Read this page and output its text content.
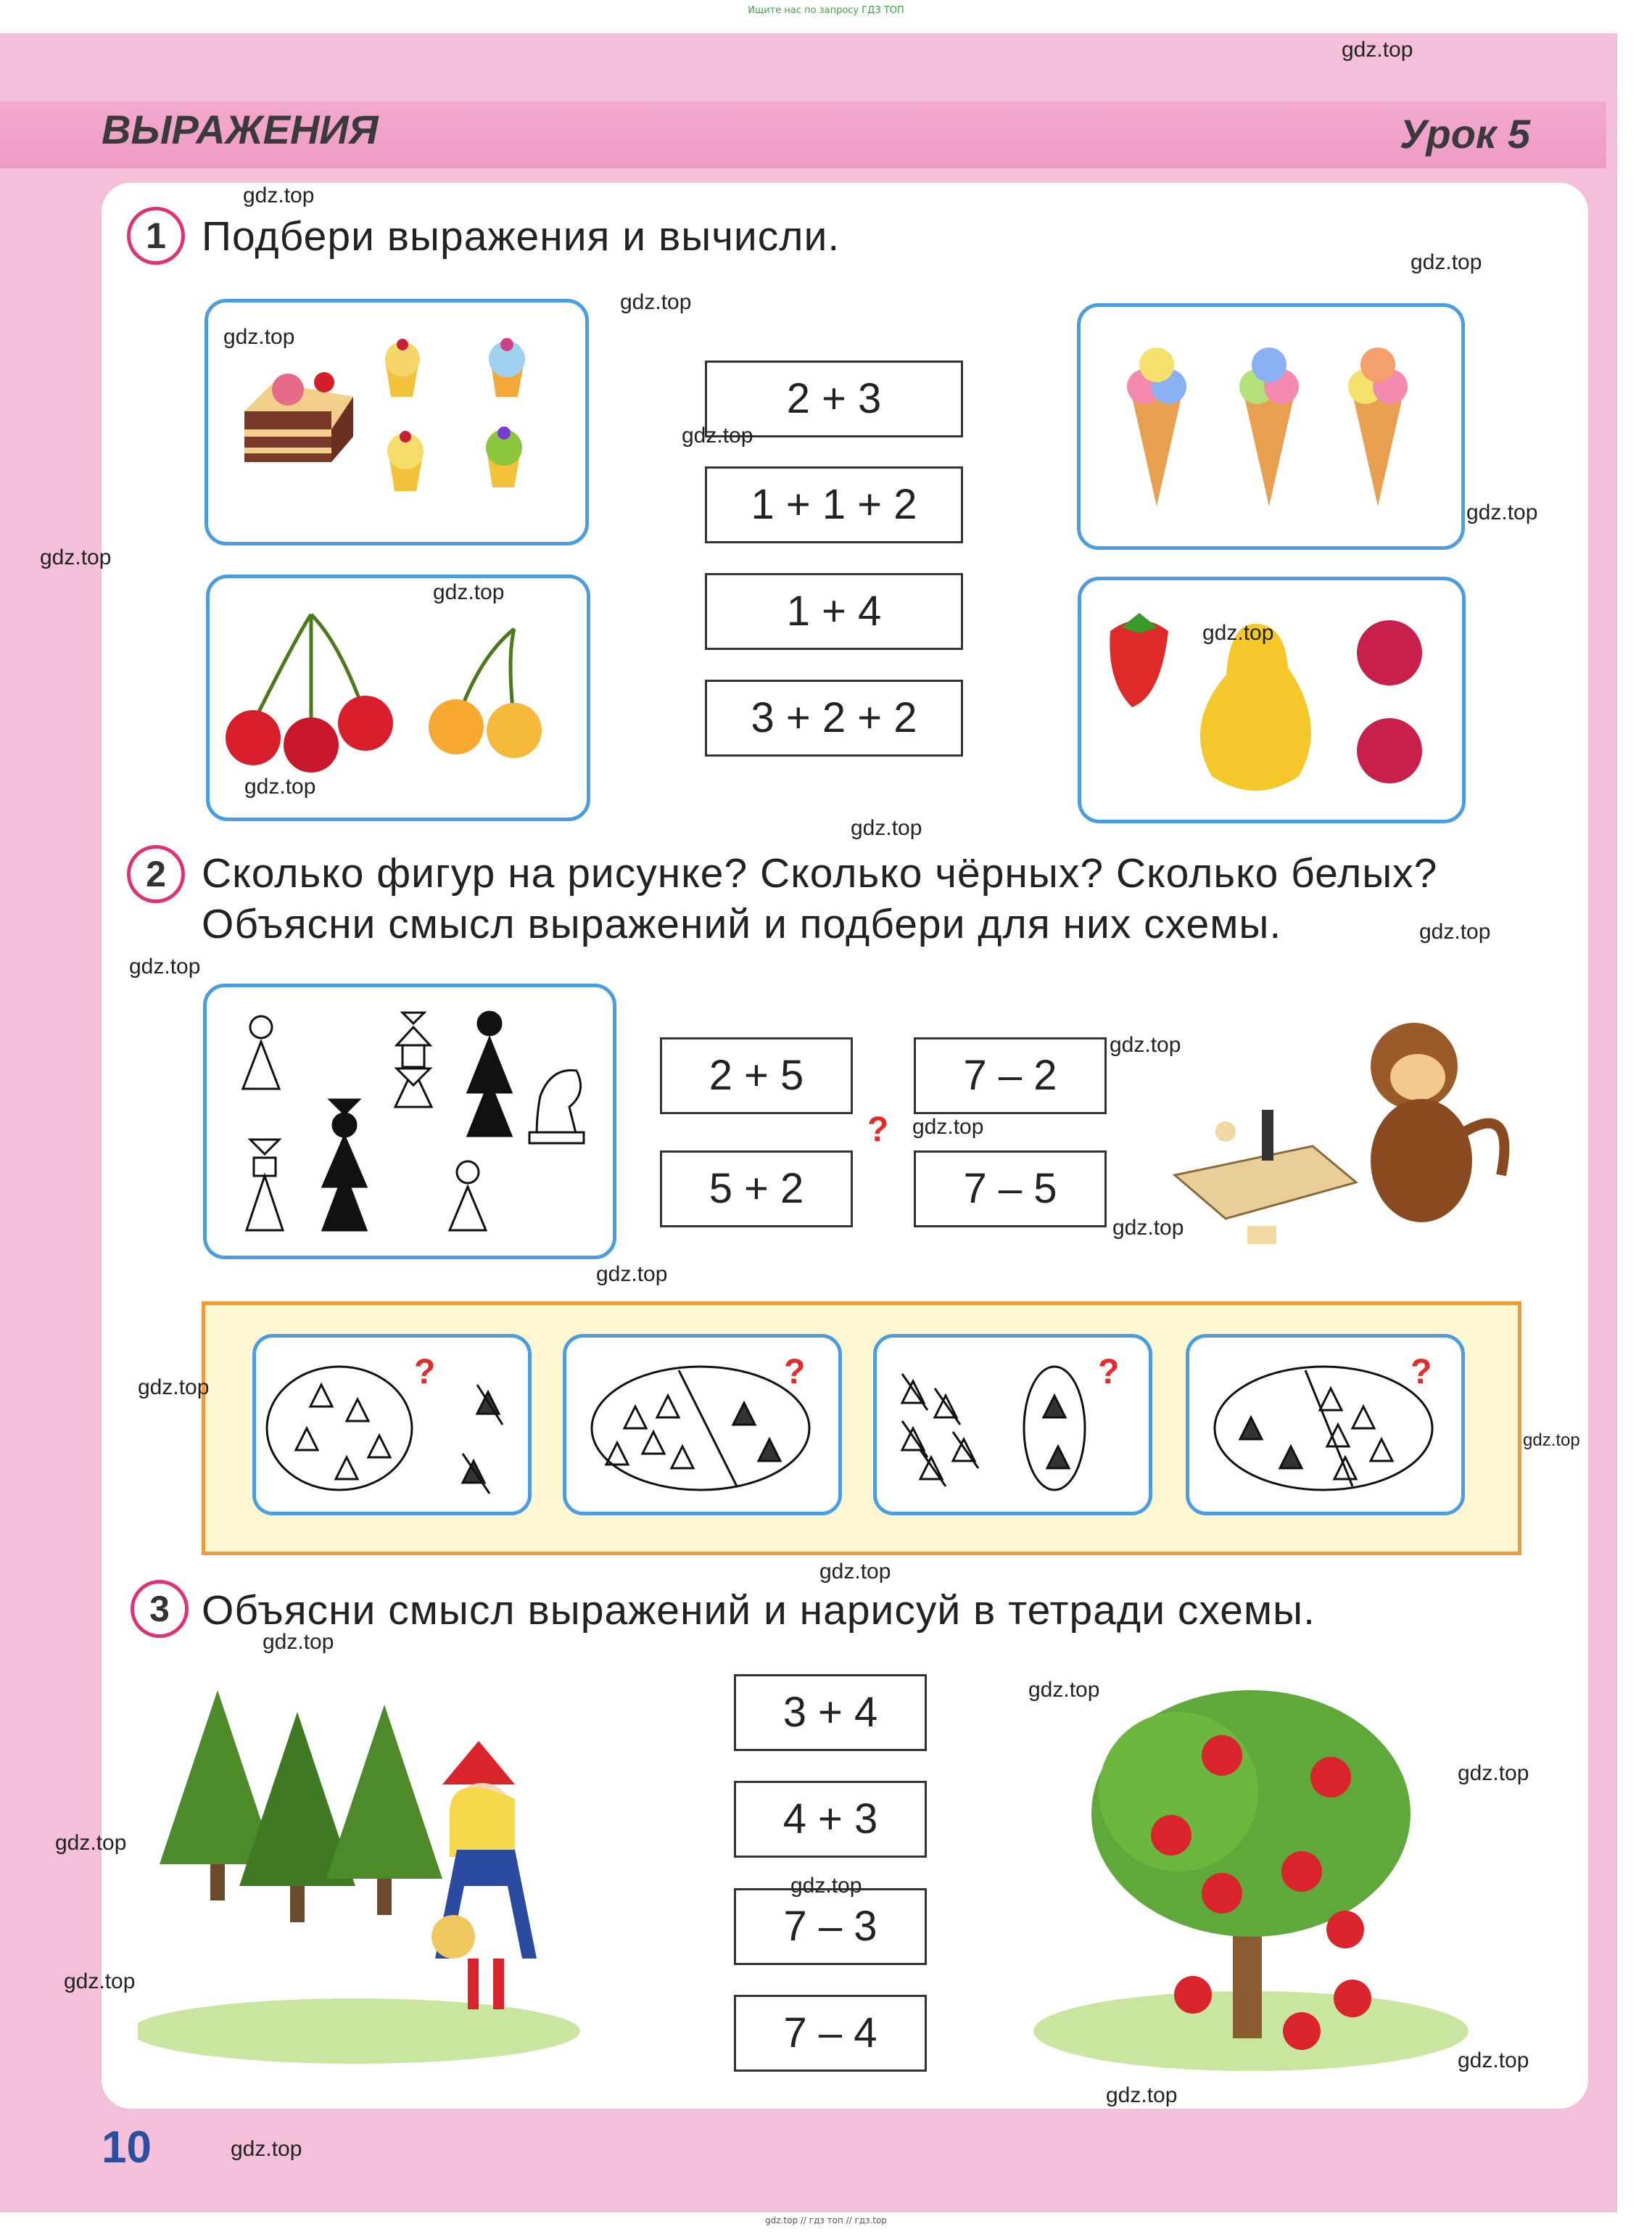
Ищите нас по запросу ГДЗ ТОП
ВЫРАЖЕНИЯ	Урок 5
1 Подбери выражения и вычисли.
2 + 3
1 + 1 + 2
1 + 4
3 + 2 + 2
2 Сколько фигур на рисунке? Сколько чёрных? Сколько белых?
Объясни смысл выражений и подбери для них схемы.
2 + 5	7 – 2
5 + 2	7 – 5
?
?	?	?	?
3 Объясни смысл выражений и нарисуй в тетради схемы.
3 + 4
4 + 3
7 – 3
7 – 4
10
gdz.top
gdz.top
gdz.top
gdz.top
gdz.top
gdz.top
gdz.top
gdz.top
gdz.top
gdz.top
gdz.top
gdz.top
gdz.top
gdz.top
gdz.top
gdz.top
gdz.top
gdz.top
gdz.top
gdz.top
gdz.top
gdz.top
gdz.top
gdz.top
gdz.top
gdz.top
gdz.top
gdz.top
gdz.top
gdz.top
gdz.top // гдз топ // гдз.top
